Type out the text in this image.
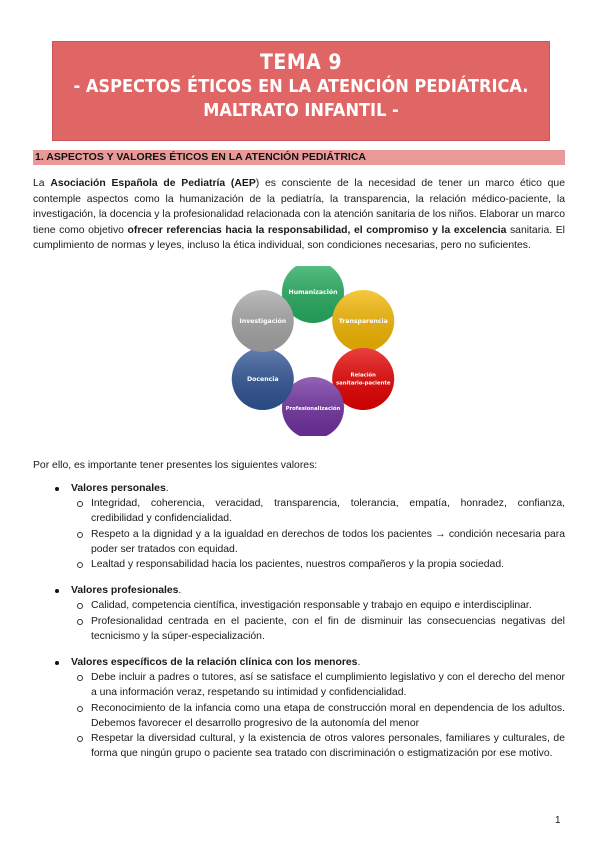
TEMA 9
- ASPECTOS ÉTICOS EN LA ATENCIÓN PEDIÁTRICA.
MALTRATO INFANTIL -
1. ASPECTOS Y VALORES ÉTICOS EN LA ATENCIÓN PEDIÁTRICA

La Asociación Española de Pediatría (AEP) es consciente de la necesidad de tener un marco ético que contemple aspectos como la humanización de la pediatría, la transparencia, la relación médico-paciente, la investigación, la docencia y la profesionalidad relacionada con la atención sanitaria de los niños. Elaborar un marco tiene como objetivo ofrecer referencias hacia la responsabilidad, el compromiso y la excelencia sanitaria. El cumplimiento de normas y leyes, incluso la ética individual, son condiciones necesarias, pero no suficientes.

Humanización
Transparencia
Relación sanitario-paciente
Profesionalización
Docencia
Investigación

Por ello, es importante tener presentes los siguientes valores:

Valores personales.
Integridad, coherencia, veracidad, transparencia, tolerancia, empatía, honradez, confianza, credibilidad y confidencialidad.
Respeto a la dignidad y a la igualdad en derechos de todos los pacientes → condición necesaria para poder ser tratados con equidad.
Lealtad y responsabilidad hacia los pacientes, nuestros compañeros y la propia sociedad.
Valores profesionales.
Calidad, competencia científica, investigación responsable y trabajo en equipo e interdisciplinar.
Profesionalidad centrada en el paciente, con el fin de disminuir las consecuencias negativas del tecnicismo y la súper-especialización.
Valores específicos de la relación clínica con los menores.
Debe incluir a padres o tutores, así se satisface el cumplimiento legislativo y con el derecho del menor a una información veraz, respetando su intimidad y confidencialidad.
Reconocimiento de la infancia como una etapa de construcción moral en dependencia de los adultos. Debemos favorecer el desarrollo progresivo de la autonomía del menor
Respetar la diversidad cultural, y la existencia de otros valores personales, familiares y culturales, de forma que ningún grupo o paciente sea tratado con discriminación o estigmatización por ese motivo.
1
